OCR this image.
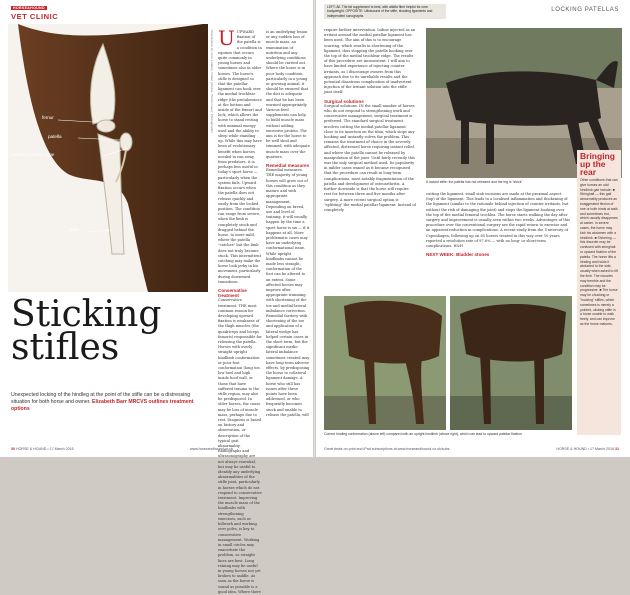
HORSE&HOUND
VET CLINIC
femur
patella
medial trochlear ridge
tibia
Sticking
stifles
Unexpected locking of the hindleg at the point of the stifle can be a distressing situation for both horse and owner. Elizabeth Barr MRCVS outlines treatment options
Illustration by Lisa Lumley. Clinic photos: Brian Casey Photography UUPWARD fixation of the patella is a condition in equines that occurs quite commonly in young horses and sometimes also in older horses. The horse's stifle is designed so that the patellar ligament can hook over the medial trochlear ridge (the protuberance at the bottom and inside of the femur) and lock, which allows the horse to stand resting with minimal energy used and the ability to sleep while standing up. While this may have been of evolutionary benefit when horses needed to run away from predators, it is perhaps less useful in today's sport horse — particularly when the system fails. Upward fixation occurs when the patella does not release quickly and easily from the locked position. The condition can range from severe, when the limb is completely stuck and dragged behind the horse, to more mild, where the patella "catches" but the limb does not truly become stuck. This intermittent catching may make the horse look jerky in his movement, particularly during downward transitions.
Conservative treatment
Conservative treatment. THE most common reason for developing upward fixation is weakness of the thigh muscles (the quadriceps and biceps femoris) responsible for releasing the patella. Horses with overly straight upright hindlimb conformation or poor foot conformation (long toe, low heel and high inside hoof wall, or those that have suffered trauma to the stifle region, may also be predisposed. In older horses, the cause may be loss of muscle mass, perhaps due to rest. Diagnosis is based on history and observation, or description of the typical gait abnormality. Radiographs and ultrasonography are not always essential, but may be useful to identify any underlying abnormalities of the stifle joint, particularly in horses which do not respond to conservative treatment. Improving the muscle mass of the hindlimbs with strengthening exercises, such as hillwork and working over poles, is key to conservative management. Working in small circles may exacerbate the problem, so straight lines are best. Long reining may be useful in young horses not yet broken to saddle. As soon as the horse is sound as possible is a good idea. Where there
is an underlying lesion or any sudden loss of muscle mass, an examination of nutrition and any underlying conditions should be carried out. Where the horse is in poor body condition, particularly in a young or growing animal, it should be ensured that the diet is adequate and that he has been wormed appropriately. Various feed supplements can help to build muscle mass without adding excessive protein. The aim is for the horse to be well shod and trimmed, with adequate muscle mass over the quarters.
Remedial measures
Remedial measures. THE majority of young horses will grow out of this condition as they mature and with appropriate management. Depending on breed, use and level of training, it will usually happen by the time a sport horse is six — if it happens at all. More problematic cases may have an underlying conformational issue. While upright hindlimbs cannot be made less straight, conformation of the foot can be altered to an extent. Some affected horses may improve after appropriate trimming, with shortening of the toe and medial-lateral imbalance correction. Remedial farriery with shortening of the toe and application of a lateral wedge has helped certain cases in the short term, but the significant medio-lateral imbalance sometimes created may have long-term adverse effects, by predisposing the horse to collateral ligament damage. A horse who still has issues after these points have been addressed, or who frequently becomes stuck and unable to release the patella, will
30 HORSE & HOUND • 17 March 2016	www.horseandhound.co.uk
LEFT: All. The fat supplement is best, with alfalfa fibre helpful for core bodyweight. OPPOSITE: Ultrasound of the stifle, showing ligaments and independent sonographs
LOCKING PATELLAS
require further intervention. Iodine injected as an irritant around the medial patellar ligament has been used. The aim of this is to encourage scarring, which results in shortening of the ligament, thus stopping the patella hooking over the top of the medial trochlear ridge. The results of this procedure are inconsistent. I will aim to have limited experience of injecting counter irritants, as I discourage owners from this approach due to its unreliable results and the potential disastrous complication of inadvertent injection of the irritant solution into the stifle joint itself.
Surgical solutions
Surgical solutions. IN the small number of horses who do not respond to strengthening work and conservative management, surgical treatment is preferred. The standard surgical treatment involves cutting the medial patellar ligament close to its insertion on the tibia, which stops any hooking and instantly solves the problem. This remains the treatment of choice in the severely affected, distressed horse requiring instant relief, and where the patella cannot be released by manipulation of the joint. Until fairly recently this was the only surgical method used. Its popularity in milder cases waned as it became recognised that the procedure can result in long-term complications, most notably fragmentation of the patella and development of osteoarthritis. A further downside is that the horse will require rest for between three and five months after surgery. A more recent surgical option is "splitting" the medial patellar ligament. Instead of completely
A locked stifle: the patella has not released and the leg is "stuck"
cutting the ligament, small stab incisions are made at the proximal aspect (top) of the ligament. This leads to a localised inflammation and thickening of the ligament (similar to the rationale behind injection of counter irritants, but without the risk of damaging the joint) and stops the ligament hooking over the top of the medial femoral trochlea. The horse starts walking the day after surgery and improvement is usually seen within two weeks. Advantages of this procedure over the conventional surgery are the rapid return to exercise and an apparent reduction in complications. A recent study from the University of Copenhagen, following up on 65 horses treated in this way over 10 years, reported a resolution rate of 97.6% — with no long- or short-term complications. H&H
NEXT WEEK: Bladder stones
Bringing up the rear
Other conditions that can give horses an odd hindlimb gait include: ■ Stringhalt — this gait abnormality produces an exaggerated flexion of one or both hinds at walk and sometimes trot, which usually disappears at canter. In severe cases, the horse may kick his abdomen with a hindlimb. ■ Shivering — this disorder may be confused with stringhalt or upward fixation of the patella. The horse lifts a hindleg and holds it abducted to the side, usually when asked to lift the limb. The muscles may tremble and the condition may be progressive. ■ The horse may be chucking or "hocking" stifles, which sometimes is merely a pointed, clicking stifle in a horse unable to walk freely, and can improve as the horse matures.
Correct hindleg conformation (above left) compared with an upright hindlimb (above right), which can lead to upward patellar fixation
Great deals on print and iPad subscriptions at www.horseandhound.co.uk/subs	HORSE & HOUND • 17 March 2016 31
